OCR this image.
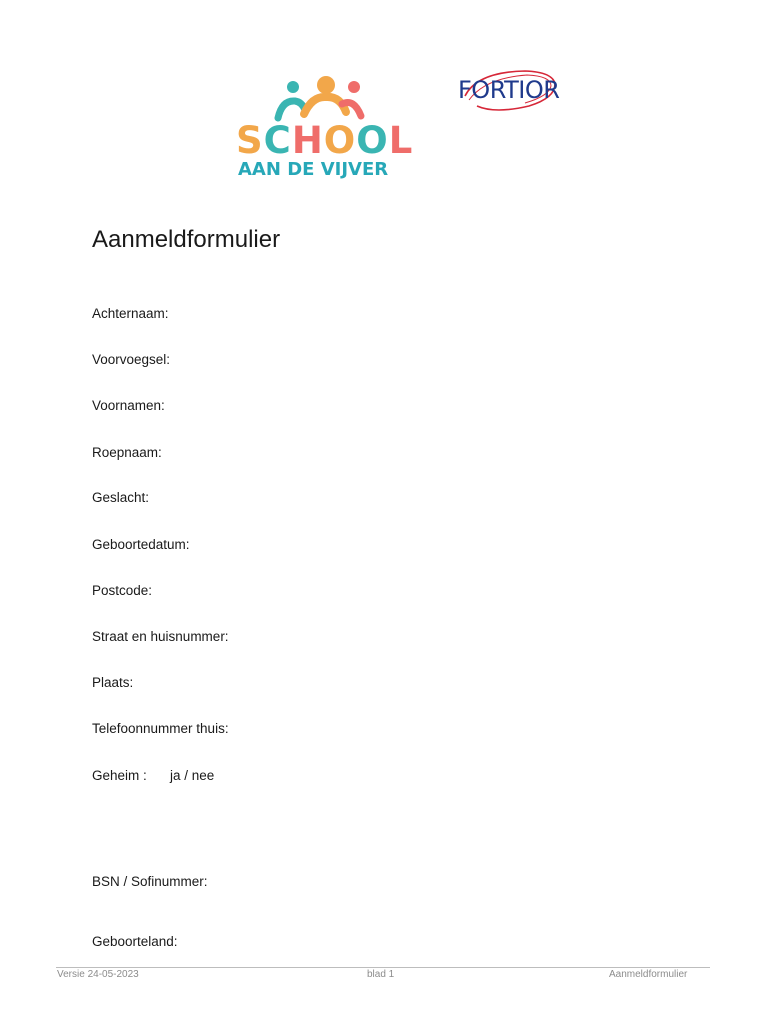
SCHOOL
AAN DE VIJVER
FORTIOR
Aanmeldformulier
Achternaam:
Voorvoegsel:
Voornamen:
Roepnaam:
Geslacht:
Geboortedatum:
Postcode:
Straat en huisnummer:
Plaats:
Telefoonnummer thuis:
Geheim : ja / nee
BSN / Sofinummer:
Geboorteland:
Versie 24-05-2023	blad 1	Aanmeldformulier
